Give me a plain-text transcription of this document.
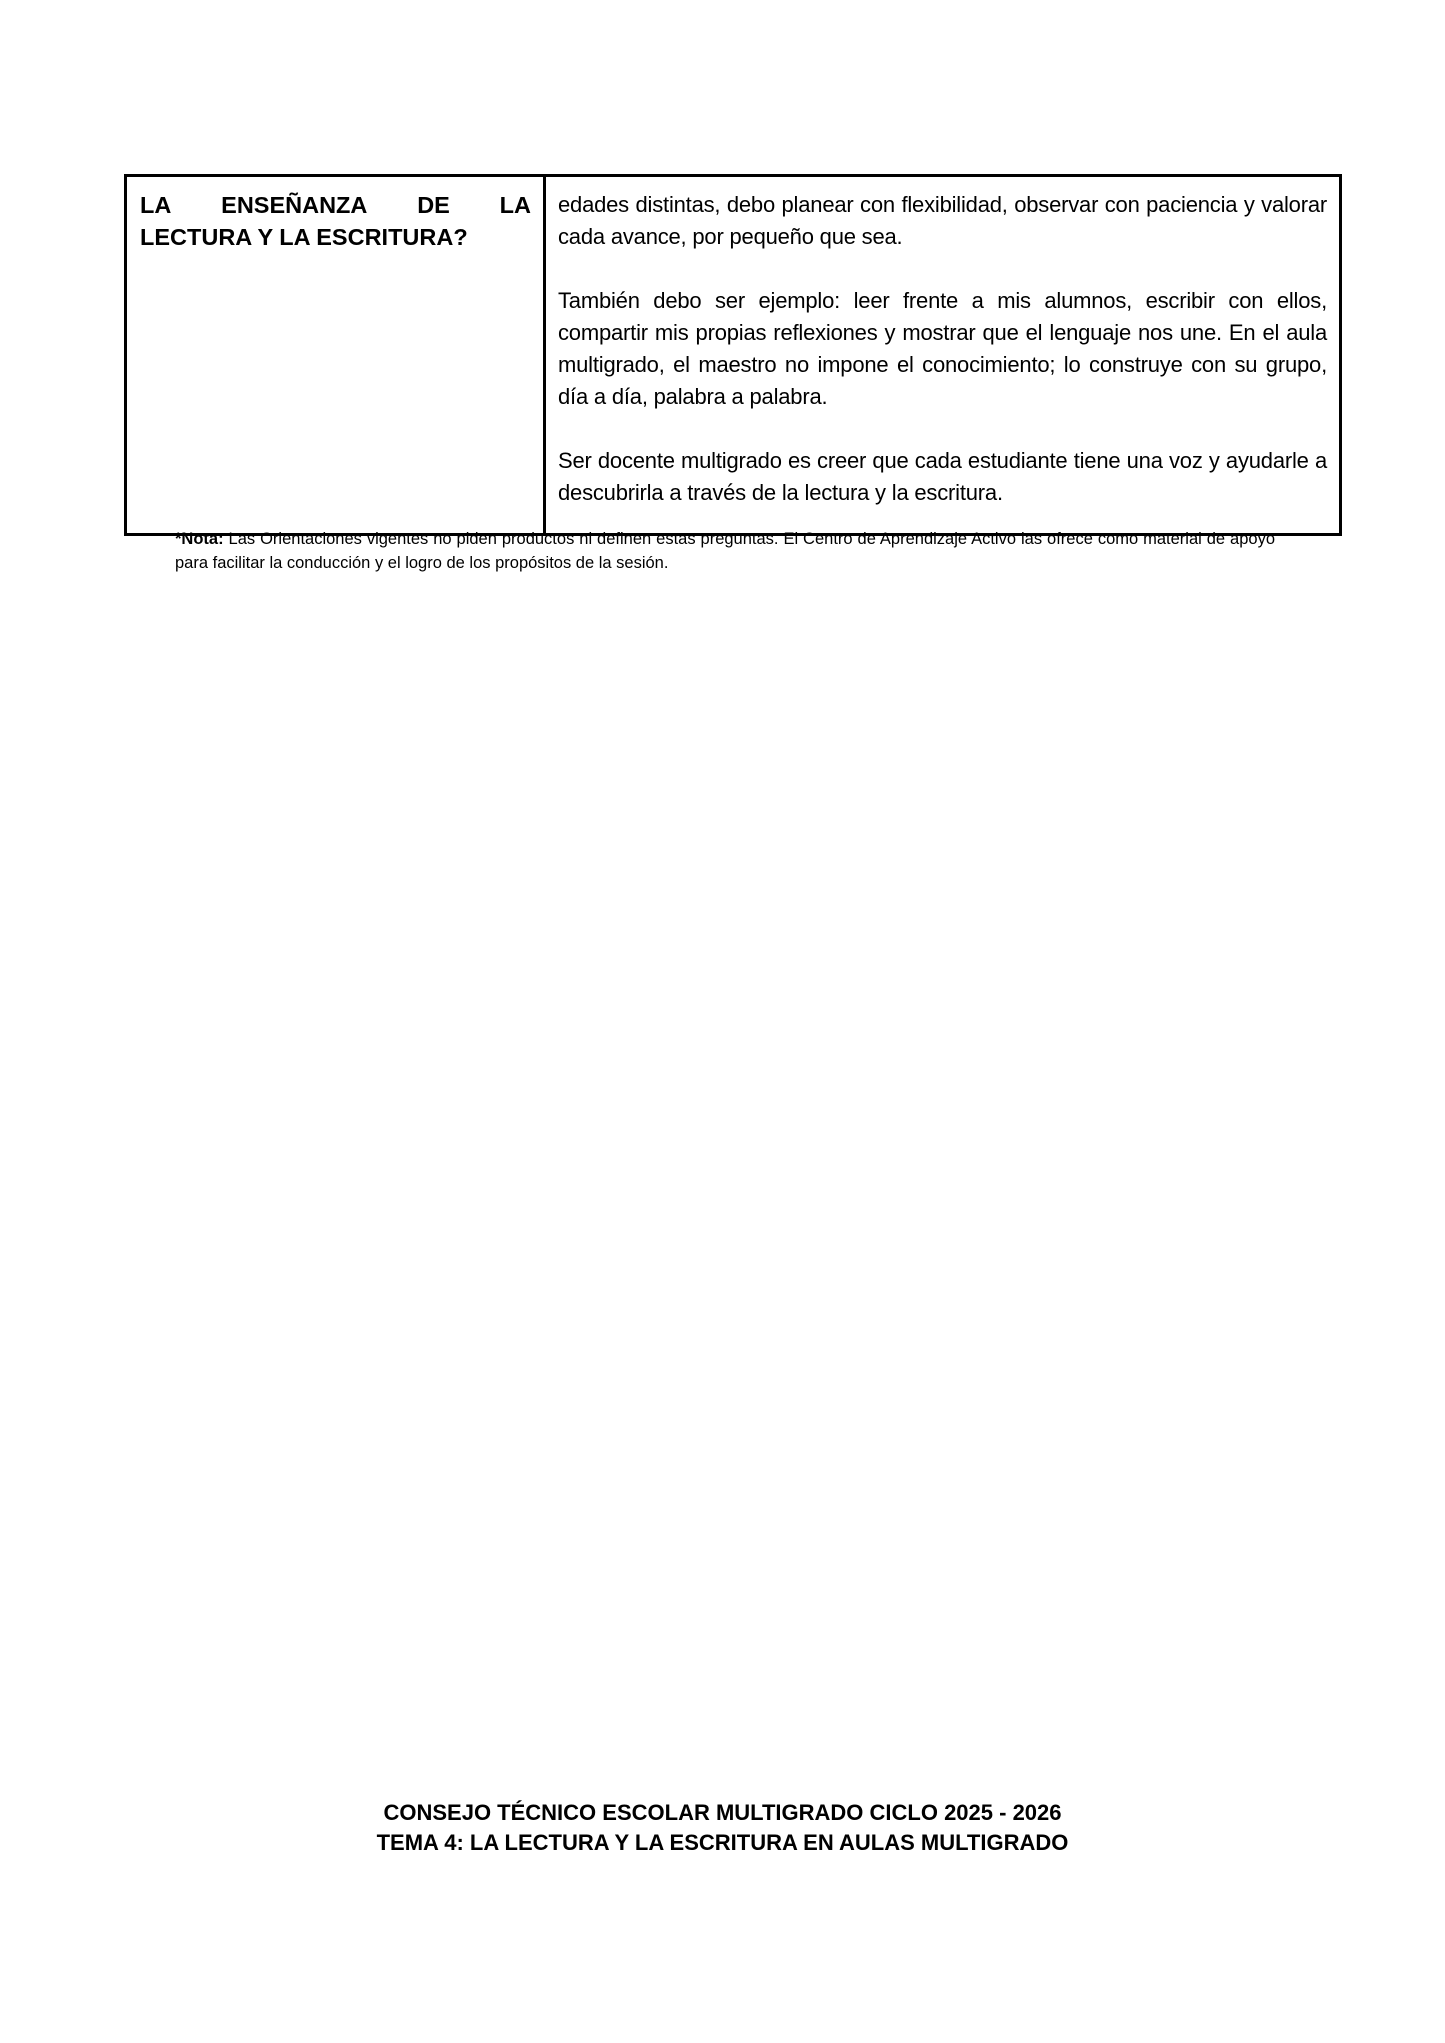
LA ENSEÑANZA DE LA
LECTURA Y LA ESCRITURA?

edades distintas, debo planear con flexibilidad, observar con paciencia y valorar cada avance, por pequeño que sea.

También debo ser ejemplo: leer frente a mis alumnos, escribir con ellos, compartir mis propias reflexiones y mostrar que el lenguaje nos une. En el aula multigrado, el maestro no impone el conocimiento; lo construye con su grupo, día a día, palabra a palabra.

Ser docente multigrado es creer que cada estudiante tiene una voz y ayudarle a descubrirla a través de la lectura y la escritura.

*Nota: Las Orientaciones vigentes no piden productos ni definen estas preguntas. El Centro de Aprendizaje Activo las ofrece como material de apoyo para facilitar la conducción y el logro de los propósitos de la sesión.
CONSEJO TÉCNICO ESCOLAR MULTIGRADO CICLO 2025 - 2026
TEMA 4: LA LECTURA Y LA ESCRITURA EN AULAS MULTIGRADO
